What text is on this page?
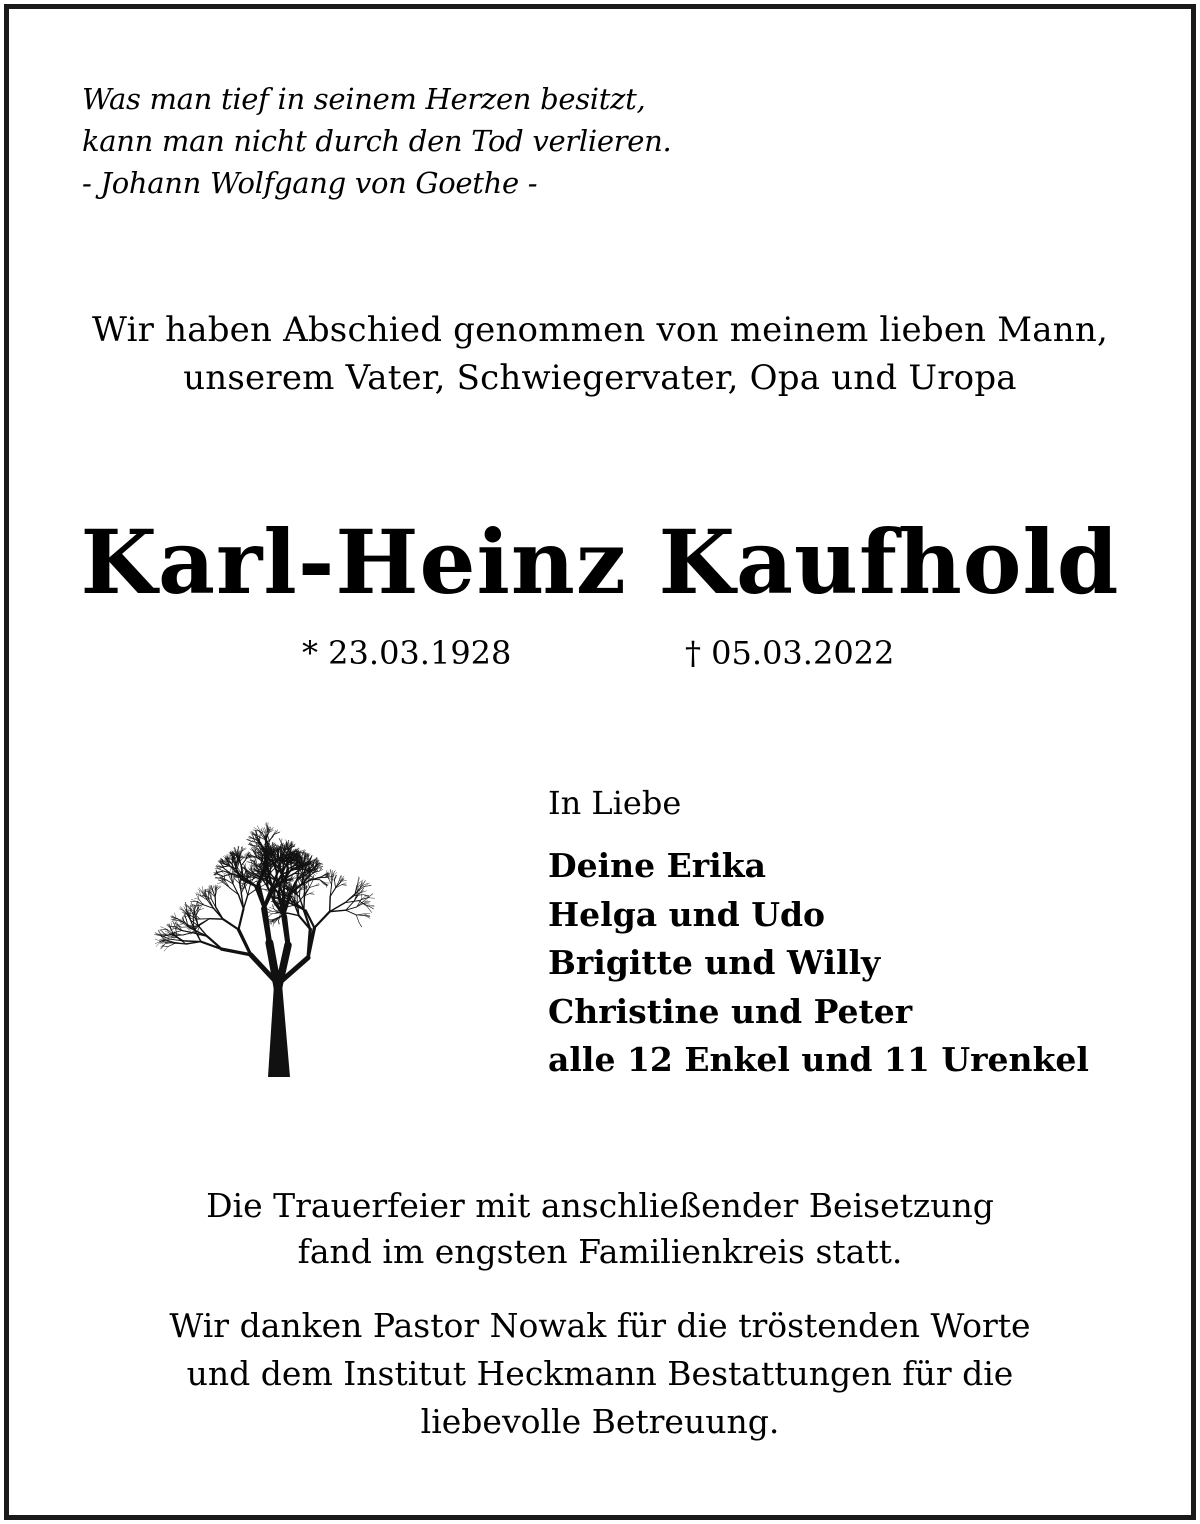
Was man tief in seinem Herzen besitzt,
kann man nicht durch den Tod verlieren.
- Johann Wolfgang von Goethe -
Wir haben Abschied genommen von meinem lieben Mann,
unserem Vater, Schwiegervater, Opa und Uropa
Karl-Heinz Kaufhold
* 23.03.1928	† 05.03.2022
In Liebe
Deine Erika
Helga und Udo
Brigitte und Willy
Christine und Peter
alle 12 Enkel und 11 Urenkel
Die Trauerfeier mit anschließender Beisetzung
fand im engsten Familienkreis statt.
Wir danken Pastor Nowak für die tröstenden Worte
und dem Institut Heckmann Bestattungen für die
liebevolle Betreuung.
